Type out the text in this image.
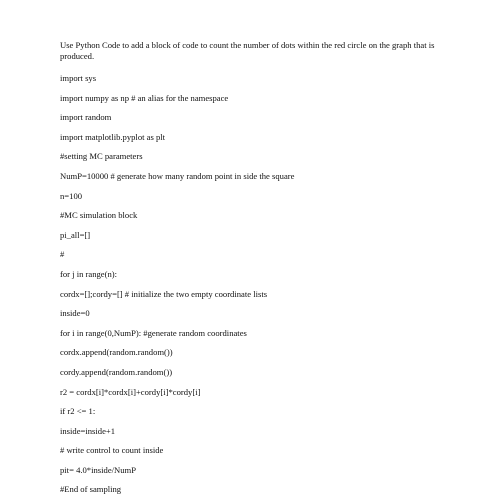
Use Python Code to add a block of code to count the number of dots within the red circle on the graph that is produced.

import sys
import numpy as np # an alias for the namespace
import random
import matplotlib.pyplot as plt
#setting MC parameters
NumP=10000 # generate how many random point in side the square
n=100
#MC simulation block
pi_all=[]
#
for j in range(n):
cordx=[];cordy=[] # initialize the two empty coordinate lists
inside=0
for i in range(0,NumP): #generate random coordinates
cordx.append(random.random())
cordy.append(random.random())
r2 = cordx[i]*cordx[i]+cordy[i]*cordy[i]
if r2 <= 1:
inside=inside+1
# write control to count inside
pit= 4.0*inside/NumP
#End of sampling
